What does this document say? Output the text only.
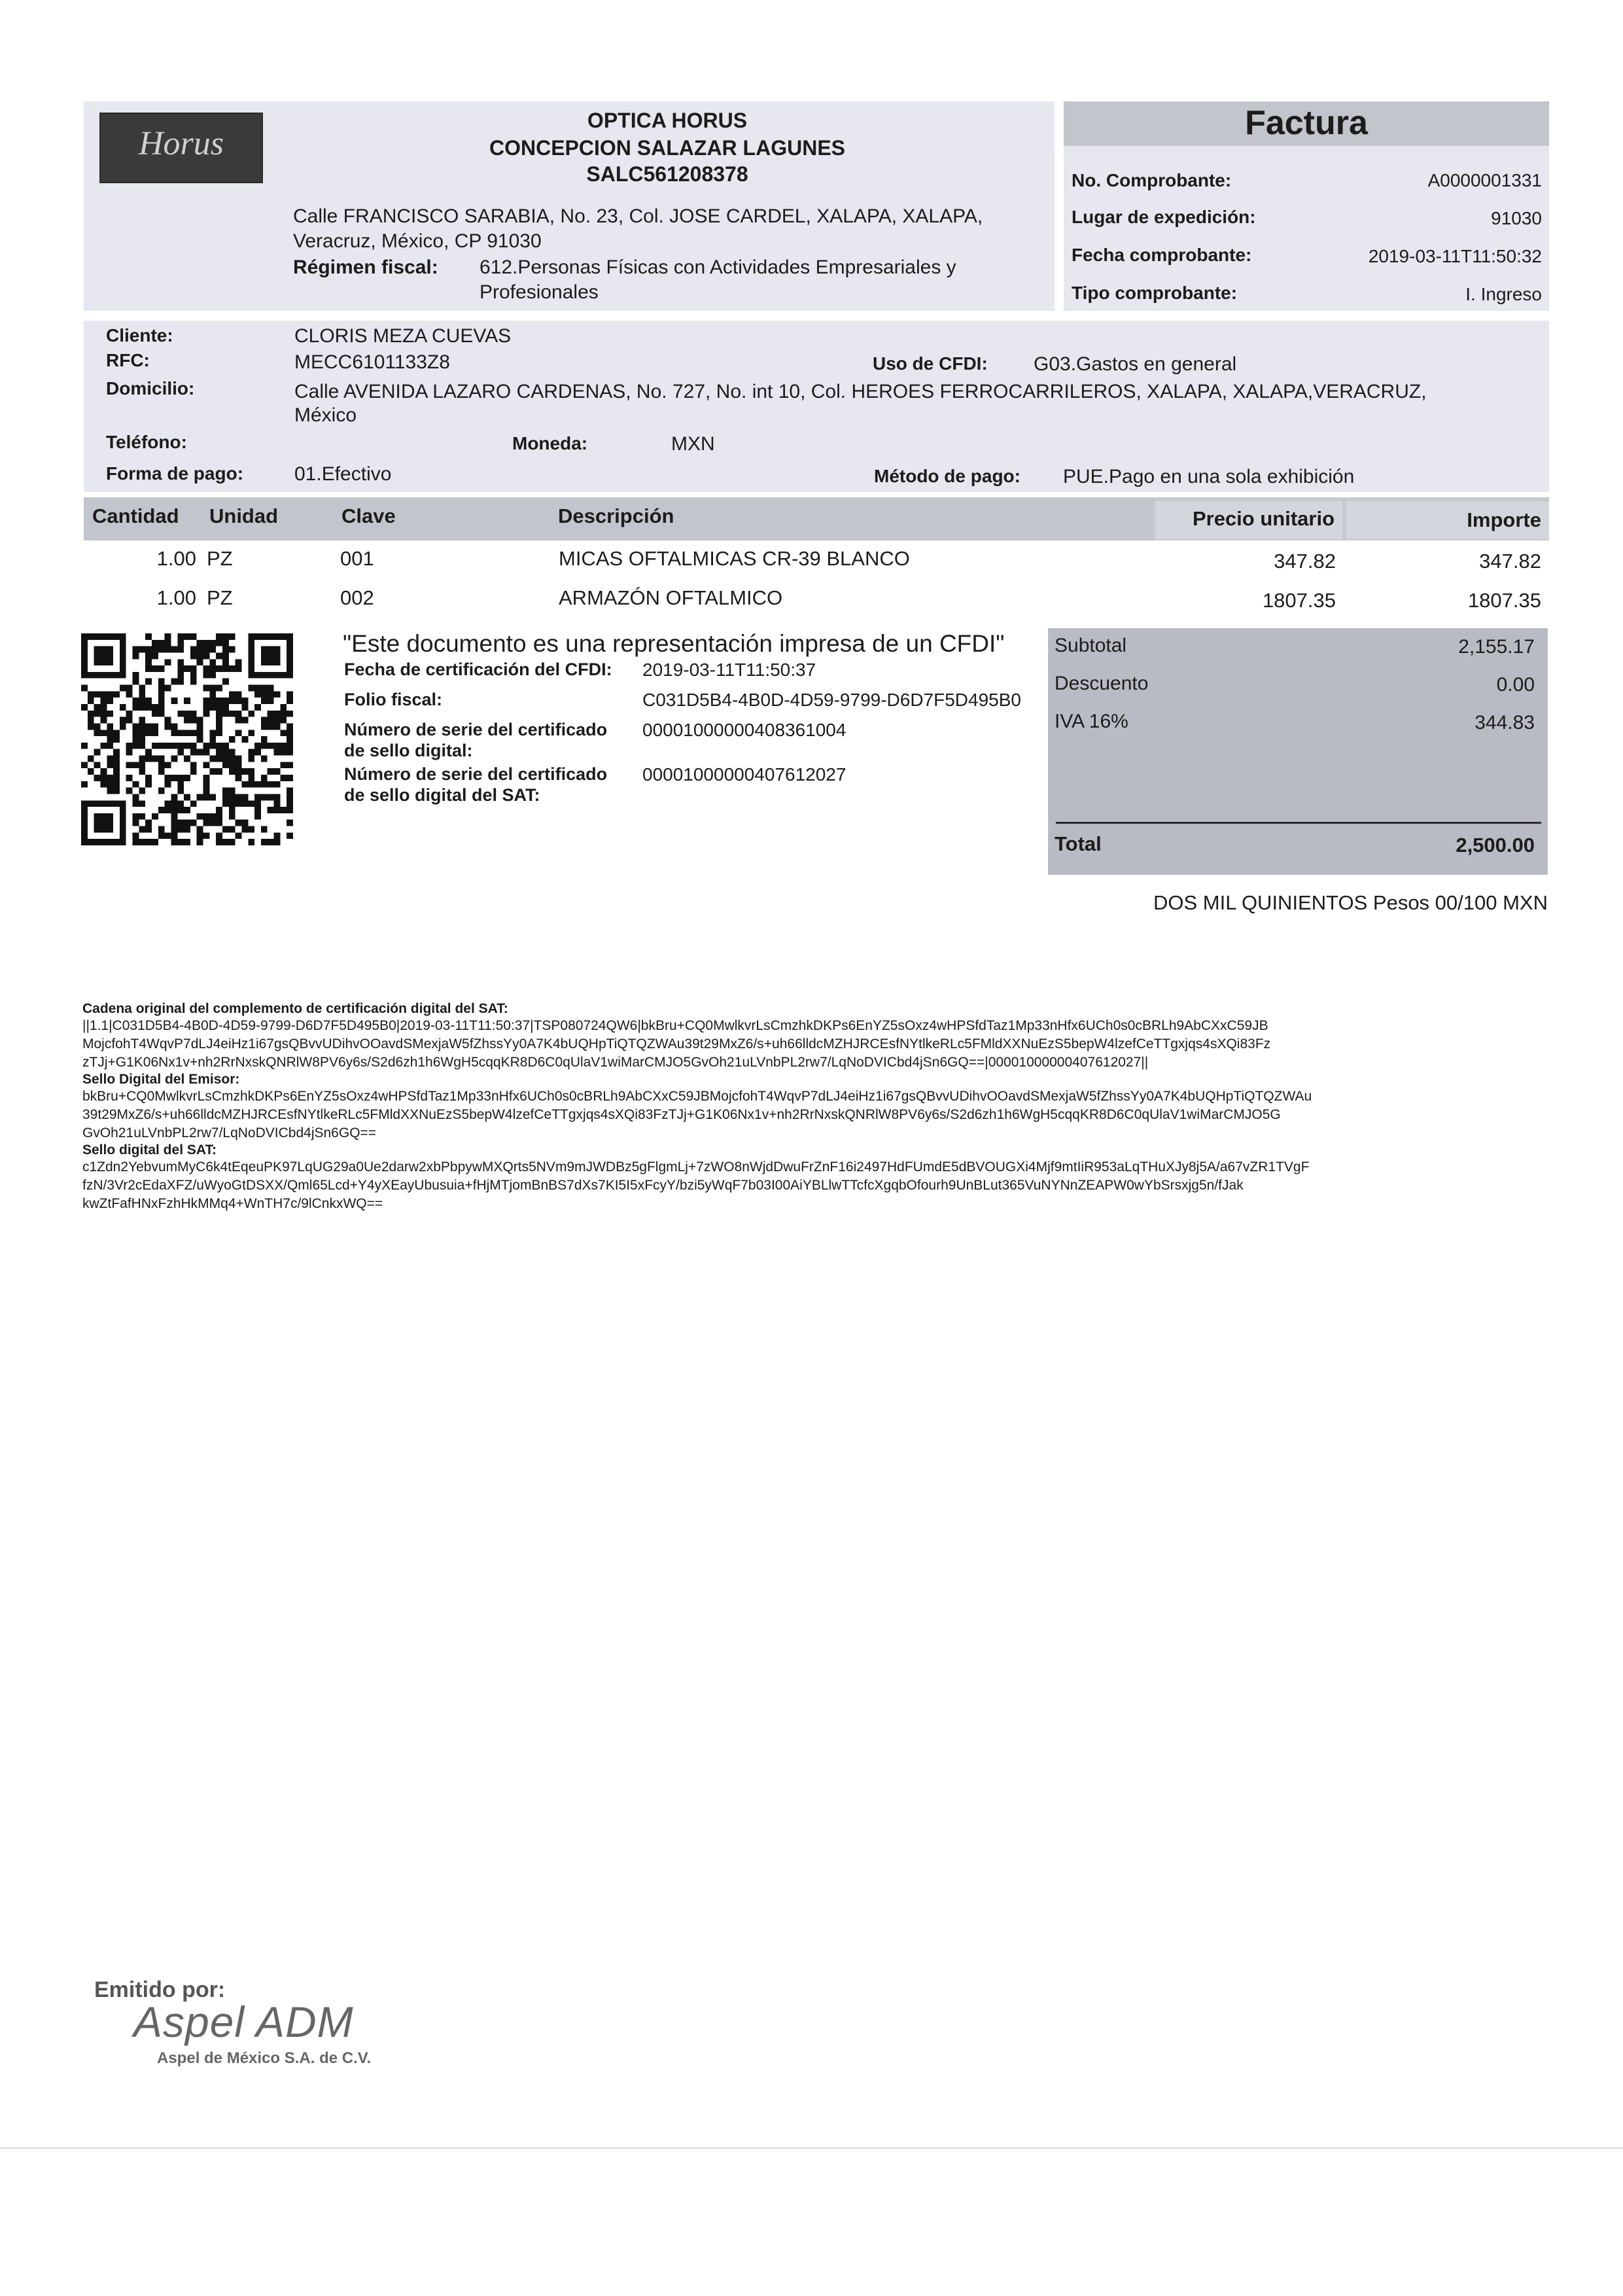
Factura
Horus
OPTICA HORUS
CONCEPCION SALAZAR LAGUNES
SALC561208378
Calle FRANCISCO SARABIA, No. 23, Col. JOSE CARDEL, XALAPA, XALAPA,
Veracruz, México, CP 91030
Régimen fiscal: 612.Personas Físicas con Actividades Empresariales y
Profesionales
No. Comprobante:	A0000001331
Lugar de expedición:	91030
Fecha comprobante:	2019-03-11T11:50:32
Tipo comprobante:	I. Ingreso
Cliente:	CLORIS MEZA CUEVAS
RFC:	MECC6101133Z8	Uso de CFDI: G03.Gastos en general
Domicilio:	Calle AVENIDA LAZARO CARDENAS, No. 727, No. int 10, Col. HEROES FERROCARRILEROS, XALAPA, XALAPA,VERACRUZ,
México
Teléfono:	Moneda:	MXN
Forma de pago:	01.Efectivo	Método de pago: PUE.Pago en una sola exhibición
Cantidad Unidad	Clave	Descripción	Precio unitario	Importe
1.00 PZ	001	MICAS OFTALMICAS CR-39 BLANCO	347.82	347.82
1.00 PZ	002	ARMAZÓN OFTALMICO	1807.35	1807.35
"Este documento es una representación impresa de un CFDI"
Fecha de certificación del CFDI: 2019-03-11T11:50:37
Folio fiscal:	C031D5B4-4B0D-4D59-9799-D6D7F5D495B0
Número de serie del certificado
de sello digital:
00001000000408361004
Número de serie del certificado
de sello digital del SAT:
00001000000407612027
Subtotal	2,155.17
Descuento	0.00
IVA 16%	344.83
Total	2,500.00
DOS MIL QUINIENTOS Pesos 00/100 MXN
Cadena original del complemento de certificación digital del SAT:
||1.1|C031D5B4-4B0D-4D59-9799-D6D7F5D495B0|2019-03-11T11:50:37|TSP080724QW6|bkBru+CQ0MwlkvrLsCmzhkDKPs6EnYZ5sOxz4wHPSfdTaz1Mp33nHfx6UCh0s0cBRLh9AbCXxC59JB
MojcfohT4WqvP7dLJ4eiHz1i67gsQBvvUDihvOOavdSMexjaW5fZhssYy0A7K4bUQHpTiQTQZWAu39t29MxZ6/s+uh66lldcMZHJRCEsfNYtlkeRLc5FMldXXNuEzS5bepW4lzefCeTTgxjqs4sXQi83Fz
zTJj+G1K06Nx1v+nh2RrNxskQNRlW8PV6y6s/S2d6zh1h6WgH5cqqKR8D6C0qUlaV1wiMarCMJO5GvOh21uLVnbPL2rw7/LqNoDVICbd4jSn6GQ==|00001000000407612027||
Sello Digital del Emisor:
bkBru+CQ0MwlkvrLsCmzhkDKPs6EnYZ5sOxz4wHPSfdTaz1Mp33nHfx6UCh0s0cBRLh9AbCXxC59JBMojcfohT4WqvP7dLJ4eiHz1i67gsQBvvUDihvOOavdSMexjaW5fZhssYy0A7K4bUQHpTiQTQZWAu
39t29MxZ6/s+uh66lldcMZHJRCEsfNYtlkeRLc5FMldXXNuEzS5bepW4lzefCeTTgxjqs4sXQi83FzTJj+G1K06Nx1v+nh2RrNxskQNRlW8PV6y6s/S2d6zh1h6WgH5cqqKR8D6C0qUlaV1wiMarCMJO5G
GvOh21uLVnbPL2rw7/LqNoDVICbd4jSn6GQ==
Sello digital del SAT:
c1Zdn2YebvumMyC6k4tEqeuPK97LqUG29a0Ue2darw2xbPbpywMXQrts5NVm9mJWDBz5gFlgmLj+7zWO8nWjdDwuFrZnF16i2497HdFUmdE5dBVOUGXi4Mjf9mtIiR953aLqTHuXJy8j5A/a67vZR1TVgF
fzN/3Vr2cEdaXFZ/uWyoGtDSXX/Qml65Lcd+Y4yXEayUbusuia+fHjMTjomBnBS7dXs7KI5I5xFcyY/bzi5yWqF7b03I00AiYBLlwTTcfcXgqbOfourh9UnBLut365VuNYNnZEAPW0wYbSrsxjg5n/fJak
kwZtFafHNxFzhHkMMq4+WnTH7c/9lCnkxWQ==
Emitido por:
Aspel ADM
Aspel de México S.A. de C.V.
